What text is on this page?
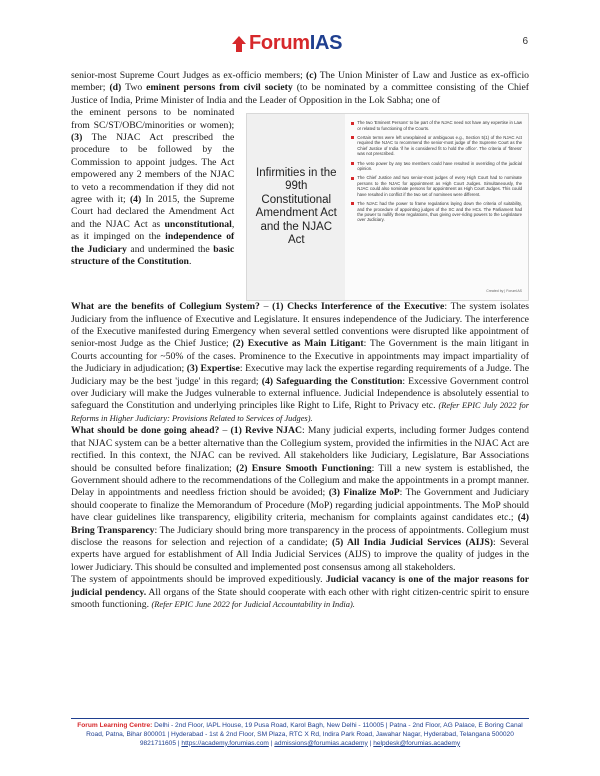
ForumIAS	6

senior-most Supreme Court Judges as ex-officio members; (c) The Union Minister of Law and Justice as ex-officio member; (d) Two eminent persons from civil society (to be nominated by a committee consisting of the Chief Justice of India, Prime Minister of India and the Leader of Opposition in the Lok Sabha; one of

the eminent persons to be nominated from SC/ST/OBC/minorities or women); (3) The NJAC Act prescribed the procedure to be followed by the Commission to appoint judges. The Act empowered any 2 members of the NJAC to veto a recommendation if they did not agree with it; (4) In 2015, the Supreme Court had declared the Amendment Act and the NJAC Act as unconstitutional, as it impinged on the independence of the Judiciary and undermined the basic structure of the Constitution.
Infirmities in the 99th Constitutional Amendment Act and the NJAC Act
The two 'Eminent Persons' to be part of the NJAC need not have any expertise in Law or related to functioning of the Courts.
Certain terms were left unexplained or ambiguous e.g., Section 5(1) of the NJAC Act required the NJAC to recommend the senior-most judge of the Supreme Court as the Chief Justice of India 'if he is considered fit to hold the office'. The criteria of 'fitness' was not prescribed.
The veto power by any two members could have resulted in overriding of the judicial opinion.
The Chief Justice and two senior-most judges of every High Court had to nominate persons to the NJAC for appointment as High Court Judges. Simultaneously, the NJAC could also nominate persons for appointment as High Court Judges. This could have resulted in conflict if the two set of nominees were different.
The NJAC had the power to frame regulations laying down the criteria of suitability, and the procedure of appointing judges of the SC and the HCs. The Parliament had the power to nullify these regulations, thus giving over-riding powers to the Legislature over Judiciary.
Created by | ForumIAS

What are the benefits of Collegium System? – (1) Checks Interference of the Executive: The system isolates Judiciary from the influence of Executive and Legislature. It ensures independence of the Judiciary. The interference of the Executive manifested during Emergency when several settled conventions were disrupted like appointment of senior-most Judge as the Chief Justice; (2) Executive as Main Litigant: The Government is the main litigant in Courts accounting for ~50% of the cases. Prominence to the Executive in appointments may impact impartiality of the Judiciary in adjudication; (3) Expertise: Executive may lack the expertise regarding requirements of a Judge. The Judiciary may be the best 'judge' in this regard; (4) Safeguarding the Constitution: Excessive Government control over Judiciary will make the Judges vulnerable to external influence. Judicial Independence is absolutely essential to safeguard the Constitution and underlying principles like Right to Life, Right to Privacy etc. (Refer EPIC July 2022 for Reforms in Higher Judiciary: Provisions Related to Services of Judges).

What should be done going ahead? – (1) Revive NJAC: Many judicial experts, including former Judges contend that NJAC system can be a better alternative than the Collegium system, provided the infirmities in the NJAC Act are rectified. In this context, the NJAC can be revived. All stakeholders like Judiciary, Legislature, Bar Associations should be consulted before finalization; (2) Ensure Smooth Functioning: Till a new system is established, the Government should adhere to the recommendations of the Collegium and make the appointments in a prompt manner. Delay in appointments and needless friction should be avoided; (3) Finalize MoP: The Government and Judiciary should cooperate to finalize the Memorandum of Procedure (MoP) regarding judicial appointments. The MoP should have clear guidelines like transparency, eligibility criteria, mechanism for complaints against candidates etc.; (4) Bring Transparency: The Judiciary should bring more transparency in the process of appointments. Collegium must disclose the reasons for selection and rejection of a candidate; (5) All India Judicial Services (AIJS): Several experts have argued for establishment of All India Judicial Services (AIJS) to improve the quality of judges in the lower Judiciary. This should be consulted and implemented post consensus among all stakeholders.

The system of appointments should be improved expeditiously. Judicial vacancy is one of the major reasons for judicial pendency. All organs of the State should cooperate with each other with right citizen-centric spirit to ensure smooth functioning. (Refer EPIC June 2022 for Judicial Accountability in India).

Forum Learning Centre: Delhi - 2nd Floor, IAPL House, 19 Pusa Road, Karol Bagh, New Delhi - 110005 | Patna - 2nd Floor, AG Palace, E Boring Canal Road, Patna, Bihar 800001 | Hyderabad - 1st & 2nd Floor, SM Plaza, RTC X Rd, Indira Park Road, Jawahar Nagar, Hyderabad, Telangana 500020
9821711605 | https://academy.forumias.com | admissions@forumias.academy | helpdesk@forumias.academy
